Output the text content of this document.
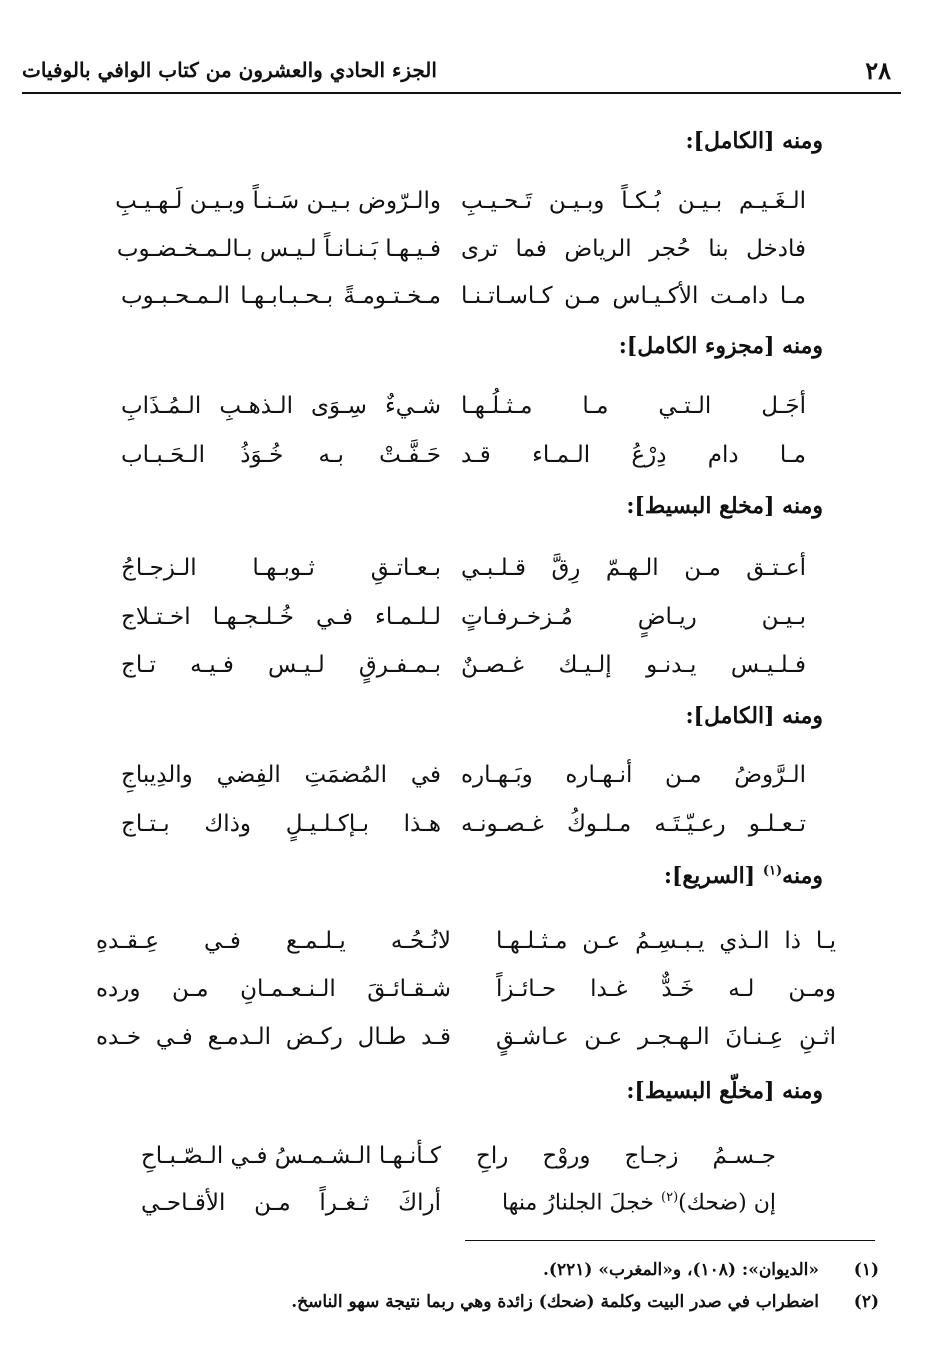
٢٨
الجزء الحادي والعشرون من كتاب الوافي بالوفيات
ومنه [الكامل]:
الـغَـيـم بـيـن بُـكـاً وبـيـن تَـحـيـبِ
والـرّوض بـيـن سَـنـاً وبـيـن لَـهـيـبِ
فادخل بنا حُجر الرياض فما ترى
فـيـهـا بَـنـانـاً لـيـس بـالـمـخـضـوب
مـا دامـت الأكـيـاس مـن كـاسـاتـنـا
مـخـتـومـةً بـحـبـابـهـا الـمـحـبـوب
ومنه [مجزوء الكامل]:
أجَـل الـتـي مـا مـثـلُـهـا
شـيءٌ سِـوَى الـذهـبِ الـمُـذَابِ
مـا دام دِرْعُ الـمـاء قـد
حَـفَّـتْ بـه خُـوَذُ الـحَـبـاب
ومنه [مخلع البسيط]:
أعـتـق مـن الـهـمّ رِقَّ قـلـبـي
بـعـاتـقِ ثـوبـهـا الـزجـاجُ
بـيـن ريـاضٍ مُـزخـرفـاتٍ
لـلـمـاء فـي خُـلـجـهـا اخـتـلاج
فـلـيـس يـدنـو إلـيـك غـصـنٌ
بـمـفـرقٍ لـيـس فـيـه تـاج
ومنه [الكامل]:
الـرَّوضُ مـن أنـهـاره وبَـهـاره
في المُضمَتِ الفِضي والدِيباجِ
تـعـلـو رعـيّـتَـه مـلـوكُ غـصـونـه
هـذا بـإكـلـيـلٍ وذاك بـتـاج
ومنه$^{(١)}$ [السريع]:
يـا ذا الـذي يـبـسِـمُ عـن مـثـلـهـا
لانُـحُـه يـلـمـع فـي عِـقـدهِ
ومـن لـه خَـدٌّ غـدا حـائـزاً
شـقـائـقَ الـنـعـمـانِ مـن ورده
اثـنِ عِـنـانَ الـهـجـر عـن عـاشـقٍ
قـد طـال ركـض الـدمـع فـي خـده
ومنه [مخلّع البسيط]:
جـسـمُ زجـاج وروْح راحِ
كـأنـهـا الـشـمـسُ فـي الـصّـبـاحِ
إن (ضحك)$^{(٢)}$ خجلَ الجلنارُ منها
أراكَ ثـغـراً مـن الأقـاحـي
(١)«الديوان»: (١٠٨)، و«المغرب» (٢٢١).
(٢)اضطراب في صدر البيت وكلمة (ضحك) زائدة وهي ربما نتيجة سهو الناسخ.
